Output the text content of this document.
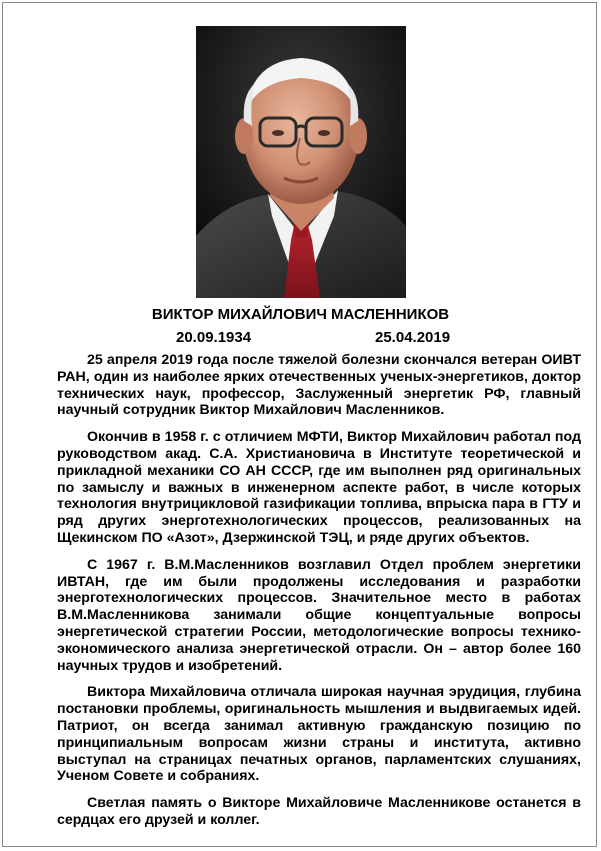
ВИКТОР МИХАЙЛОВИЧ МАСЛЕННИКОВ
20.09.1934	25.04.2019

25 апреля 2019 года после тяжелой болезни скончался ветеран ОИВТ РАН, один из наиболее ярких отечественных ученых-энергетиков, доктор технических наук, профессор, Заслуженный энергетик РФ, главный научный сотрудник Виктор Михайлович Масленников.

Окончив в 1958 г. с отличием МФТИ, Виктор Михайлович работал под руководством акад. С.А. Христиановича в Институте теоретической и прикладной механики СО АН СССР, где им выполнен ряд оригинальных по замыслу и важных в инженерном аспекте работ, в числе которых технология внутрицикловой газификации топлива, впрыска пара в ГТУ и ряд других энерготехнологических процессов, реализованных на Щекинском ПО «Азот», Дзержинской ТЭЦ, и ряде других объектов.

С 1967 г. В.М.Масленников возглавил Отдел проблем энергетики ИВТАН, где им были продолжены исследования и разработки энерготехнологических процессов. Значительное место в работах В.М.Масленникова занимали общие концептуальные вопросы энергетической стратегии России, методологические вопросы технико-экономического анализа энергетической отрасли. Он – автор более 160 научных трудов и изобретений.

Виктора Михайловича отличала широкая научная эрудиция, глубина постановки проблемы, оригинальность мышления и выдвигаемых идей. Патриот, он всегда занимал активную гражданскую позицию по принципиальным вопросам жизни страны и института, активно выступал на страницах печатных органов, парламентских слушаниях, Ученом Совете и собраниях.

Светлая память о Викторе Михайловиче Масленникове останется в сердцах его друзей и коллег.
